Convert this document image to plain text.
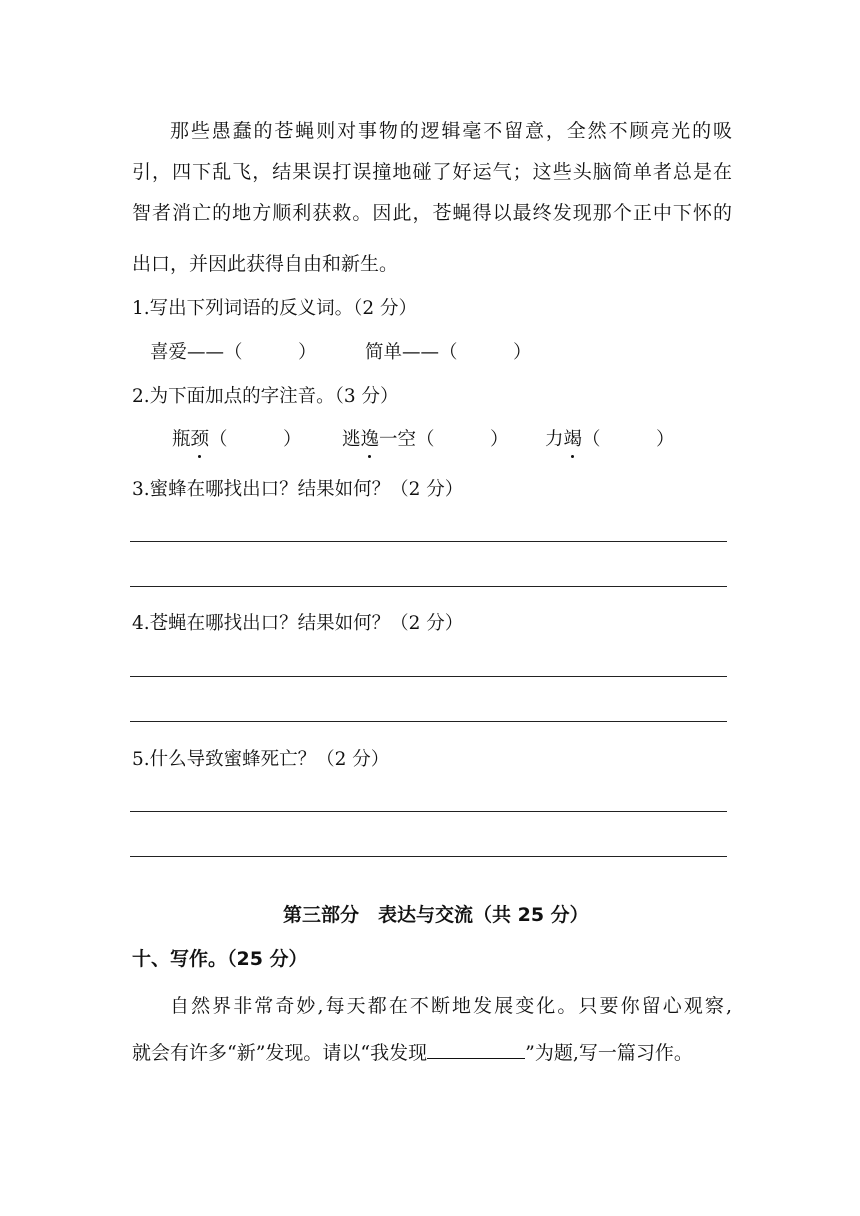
那些愚蠢的苍蝇则对事物的逻辑毫不留意，全然不顾亮光的吸
引，四下乱飞，结果误打误撞地碰了好运气；这些头脑简单者总是在
智者消亡的地方顺利获救。因此，苍蝇得以最终发现那个正中下怀的
出口，并因此获得自由和新生。
1.写出下列词语的反义词。（2 分）
喜爱——（　　　）	简单——（　　　）
2.为下面加点的字注音。（3 分）
瓶颈（　　　） 逃逸一空（　　　） 力竭（　　　）
3.蜜蜂在哪找出口？结果如何？（2 分）
4.苍蝇在哪找出口？结果如何？（2 分）
5.什么导致蜜蜂死亡？（2 分）
第三部分　表达与交流（共 25 分）
十、写作。（25 分）
自然界非常奇妙,每天都在不断地发展变化。只要你留心观察,
就会有许多“新”发现。请以“我发现	”为题,写一篇习作。
